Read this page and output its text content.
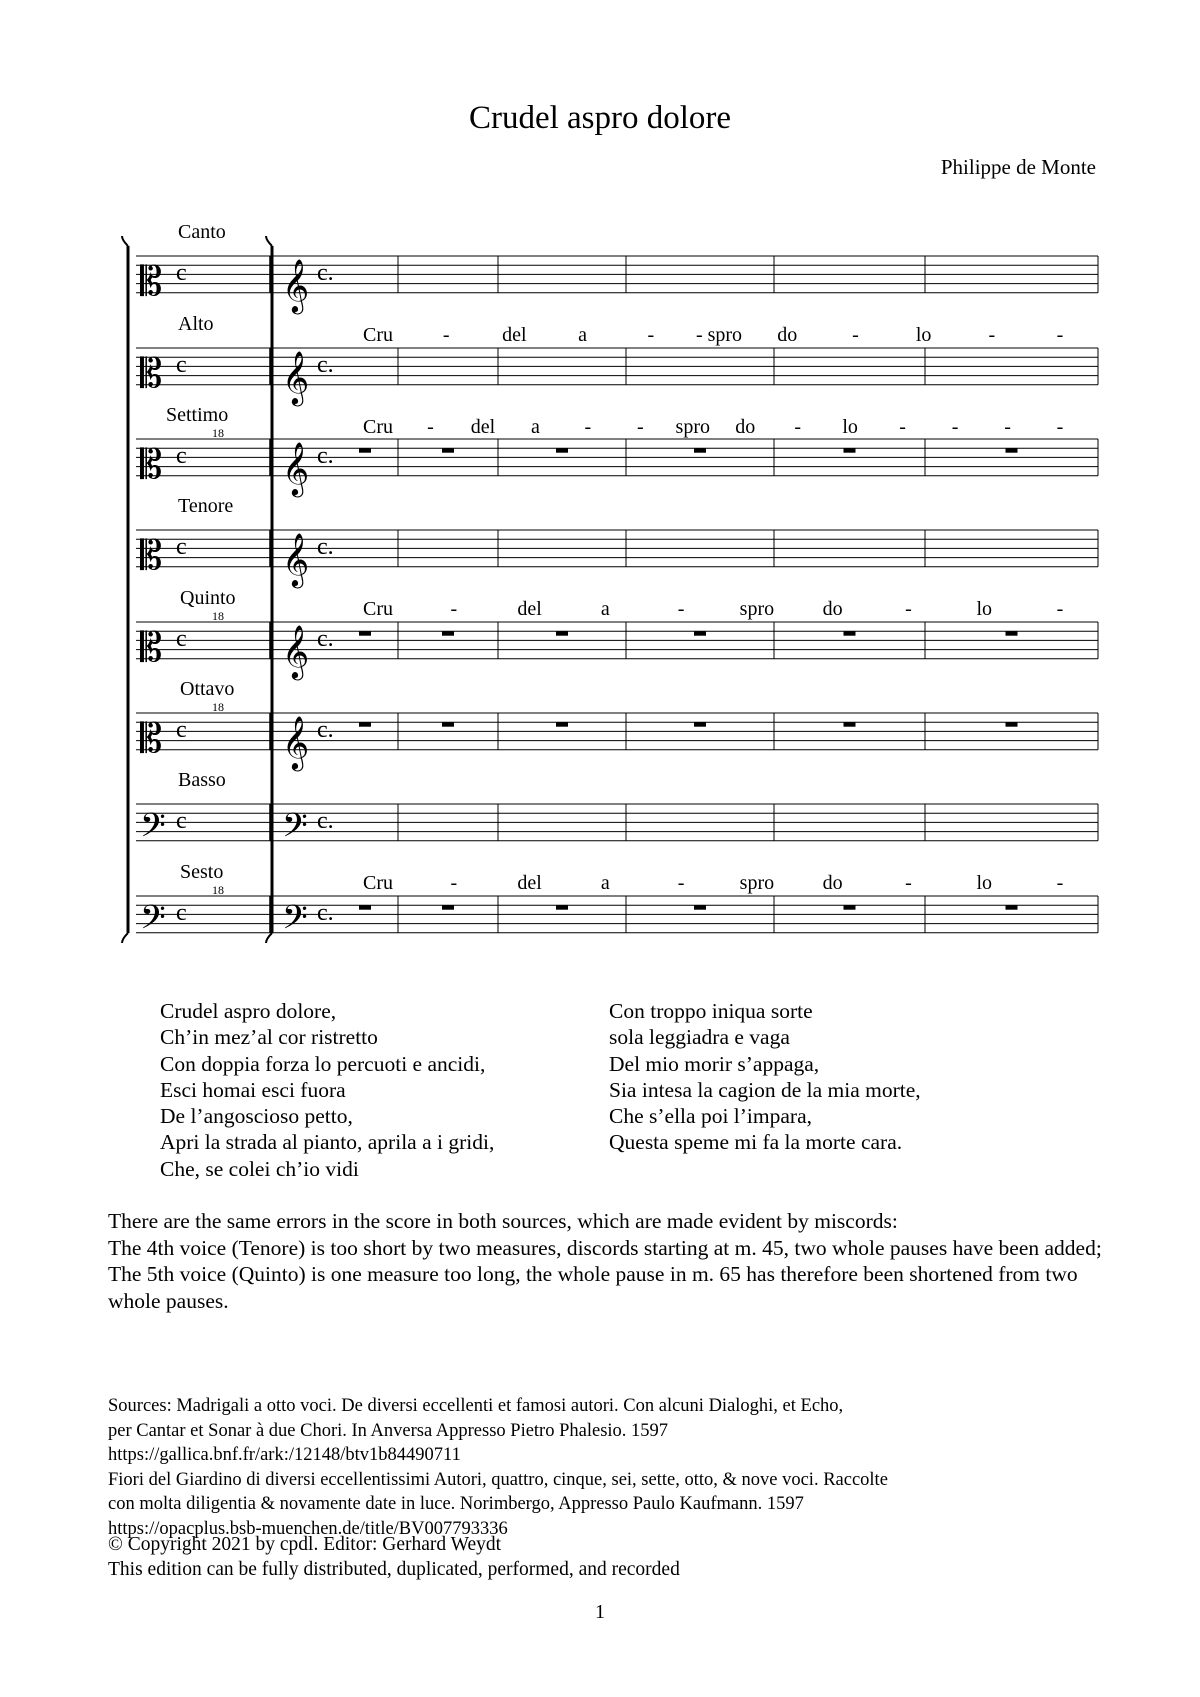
Crudel aspro dolore
Philippe de Monte
𝄡	𝄞
c	c.
𝄡	𝄞
c	c.
𝄡	𝄞
c	c.
𝄡	𝄞
c	c.
𝄡	𝄞
c	c.
𝄡	𝄞
c	c.
𝄢	𝄢
c	c.
𝄢	𝄢
c	c.
Canto
Alto
Settimo
18
Tenore
Quinto
18
Ottavo
18
Basso
Sesto
18
Cru -	del	a	- - spro do	-	lo	-	-
Cru - del a - - spro do - lo - - - -
Cru	-	del	a	-	spro do	-	lo	-
Cru	-	del	a	-	spro do	-	lo	-
Crudel aspro dolore,
Ch’in mez’al cor ristretto
Con doppia forza lo percuoti e ancidi,
Esci homai esci fuora
De l’angoscioso petto,
Apri la strada al pianto, aprila a i gridi,
Che, se colei ch’io vidi
Con troppo iniqua sorte
sola leggiadra e vaga
Del mio morir s’appaga,
Sia intesa la cagion de la mia morte,
Che s’ella poi l’impara,
Questa speme mi fa la morte cara.
There are the same errors in the score in both sources, which are made evident by miscords:
The 4th voice (Tenore) is too short by two measures, discords starting at m. 45, two whole pauses have been added;
The 5th voice (Quinto) is one measure too long, the whole pause in m. 65 has therefore been shortened from two whole pauses.
Sources: Madrigali a otto voci. De diversi eccellenti et famosi autori. Con alcuni Dialoghi, et Echo,
per Cantar et Sonar à due Chori. In Anversa Appresso Pietro Phalesio. 1597
https://gallica.bnf.fr/ark:/12148/btv1b84490711
Fiori del Giardino di diversi eccellentissimi Autori, quattro, cinque, sei, sette, otto, & nove voci. Raccolte
con molta diligentia & novamente date in luce. Norimbergo, Appresso Paulo Kaufmann. 1597
https://opacplus.bsb-muenchen.de/title/BV007793336
© Copyright 2021 by cpdl. Editor: Gerhard Weydt
This edition can be fully distributed, duplicated, performed, and recorded
1
